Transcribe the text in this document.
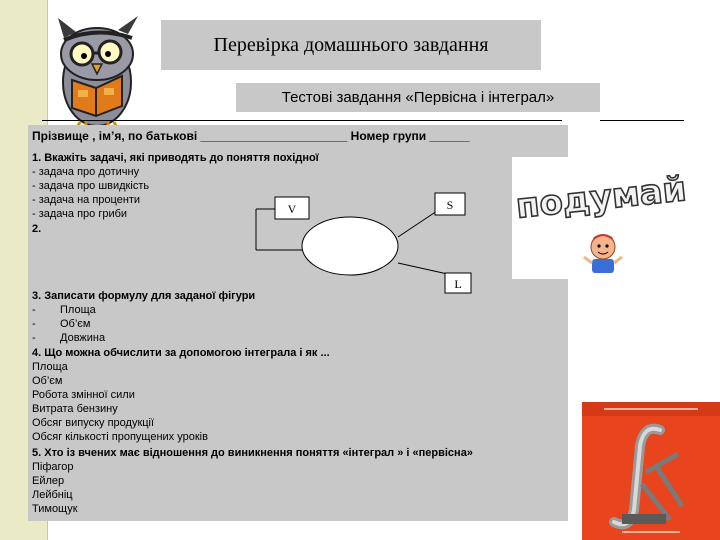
Перевірка домашнього завдання
Тестові завдання «Первісна і інтеграл»
Прізвище , ім’я, по батькові ______________________ Номер групи ______
1. Вкажіть задачі, які приводять до поняття похідної
- задача про дотичну
- задача про швидкість
- задача на проценти
- задача про гриби
2.
V	S
L
3. Записати формулу для заданої фігури
- Площа
- Об’єм
- Довжина
4. Що можна обчислити за допомогою інтеграла і як ...
Площа
Об’єм
Робота змінної сили
Витрата бензину
Обсяг випуску продукції
Обсяг кількості пропущених уроків
5. Хто із вчених має відношення до виникнення поняття «інтеграл » і «первісна»
Піфагор
Ейлер
Лейбніц
Тимощук
подумай
